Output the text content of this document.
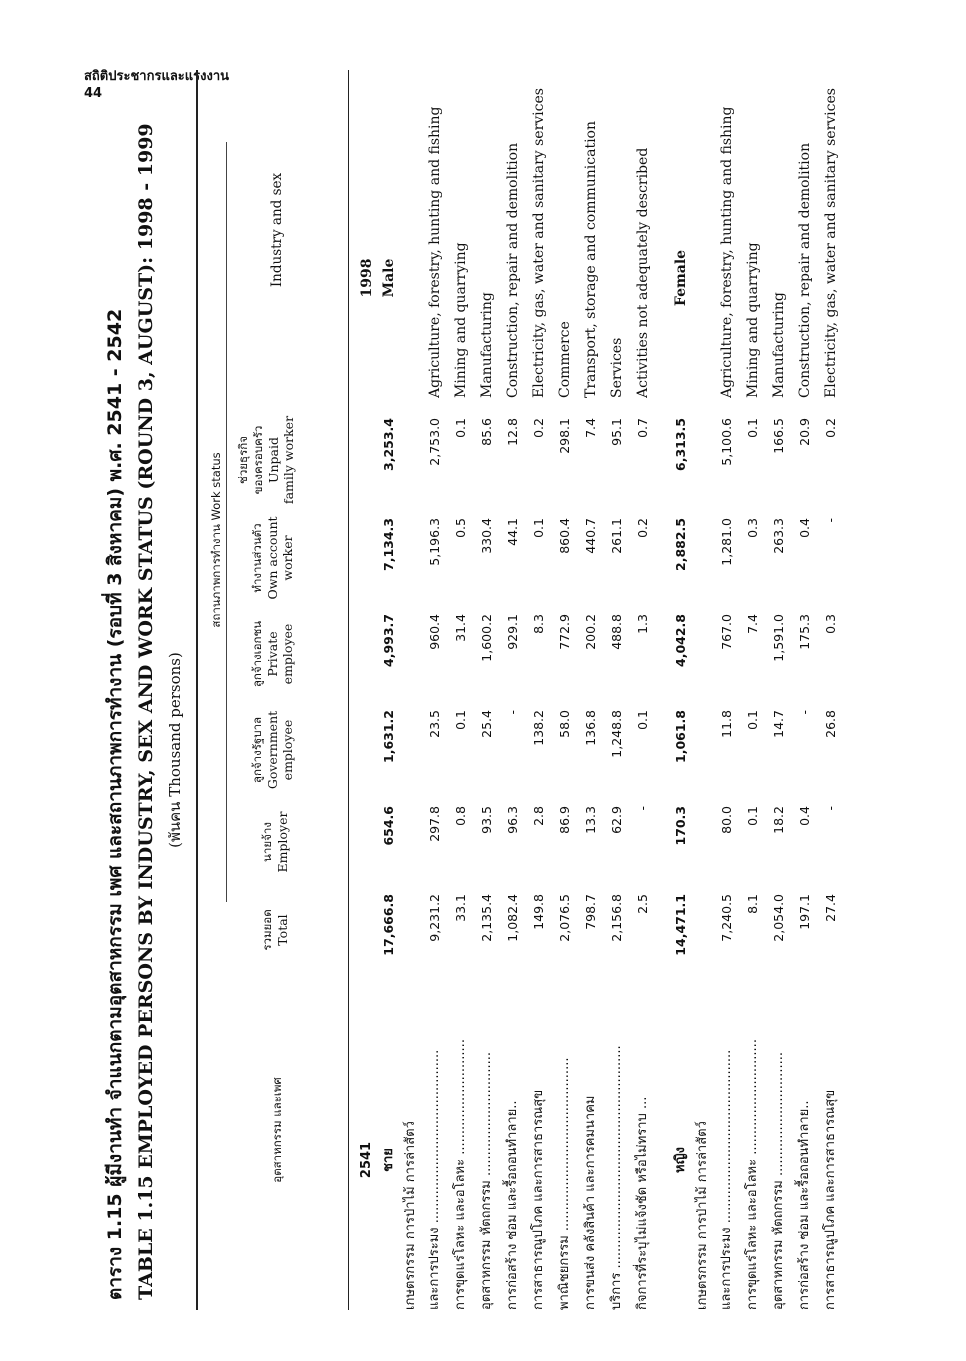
สถิติประชากรและแรงงาน
44
ตาราง 1.15 ผู้มีงานทำ จำแนกตามอุตสาหกรรม เพศ และสถานภาพการทำงาน (รอบที่ 3 สิงหาคม) พ.ศ. 2541 - 2542 TABLE 1.15 EMPLOYED PERSONS BY INDUSTRY, SEX AND WORK STATUS (ROUND 3, AUGUST): 1998 - 1999 (พันคน Thousand persons)
อุตสาหกรรม และเพศ
สถานภาพการทำงาน Work status
รวมยอด Total
นายจ้าง Employer
ลูกจ้างรัฐบาล Government employee
ลูกจ้างเอกชน Private employee
ทำงานส่วนตัว Own account worker
ช่วยธุรกิจ ของครอบครัว Unpaid family worker
Industry and sex
2541
1998
ชาย
17,666.8
654.6
1,631.2
4,993.7
7,134.3
3,253.4
Male
เกษตรกรรม การป่าไม้ การล่าสัตว์ และการประมง ..........................................
9,231.2
297.8
23.5
960.4
5,196.3
2,753.0
Agriculture, forestry, hunting and fishing
การขุดแร่โลหะ และอโลหะ ............................
33.1
0.8
0.1
31.4
0.5
0.1
Mining and quarrying
อุตสาหกรรม หัตถกรรม ..............................
2,135.4
93.5
25.4
1,600.2
330.4
85.6
Manufacturing
การก่อสร้าง ซ่อม และรื้อถอนทำลาย..
1,082.4
96.3
-
929.1
44.1
12.8
Construction, repair and demolition
การสาธารณูปโภค และการสาธารณสุข
149.8
2.8
138.2
8.3
0.1
0.2
Electricity, gas, water and sanitary services
พาณิชยกรรม ..........................................
2,076.5
86.9
58.0
772.9
860.4
298.1
Commerce
การขนส่ง คลังสินค้า และการคมนาคม
798.7
13.3
136.8
200.2
440.7
7.4
Transport, storage and communication
บริการ ......................................................
2,156.8
62.9
1,248.8
488.8
261.1
95.1
Services
กิจการที่ระบุไม่แจ้งชัด หรือไม่ทราบ ...
2.5
-
0.1
1.3
0.2
0.7
Activities not adequately described
หญิง
14,471.1
170.3
1,061.8
4,042.8
2,882.5
6,313.5
Female
เกษตรกรรม การป่าไม้ การล่าสัตว์ และการประมง ..........................................
7,240.5
80.0
11.8
767.0
1,281.0
5,100.6
Agriculture, forestry, hunting and fishing
การขุดแร่โลหะ และอโลหะ ............................
8.1
0.1
0.1
7.4
0.3
0.1
Mining and quarrying
อุตสาหกรรม หัตถกรรม ..............................
2,054.0
18.2
14.7
1,591.0
263.3
166.5
Manufacturing
การก่อสร้าง ซ่อม และรื้อถอนทำลาย..
197.1
0.4
-
175.3
0.4
20.9
Construction, repair and demolition
การสาธารณูปโภค และการสาธารณสุข
27.4
-
26.8
0.3
-
0.2
Electricity, gas, water and sanitary services
